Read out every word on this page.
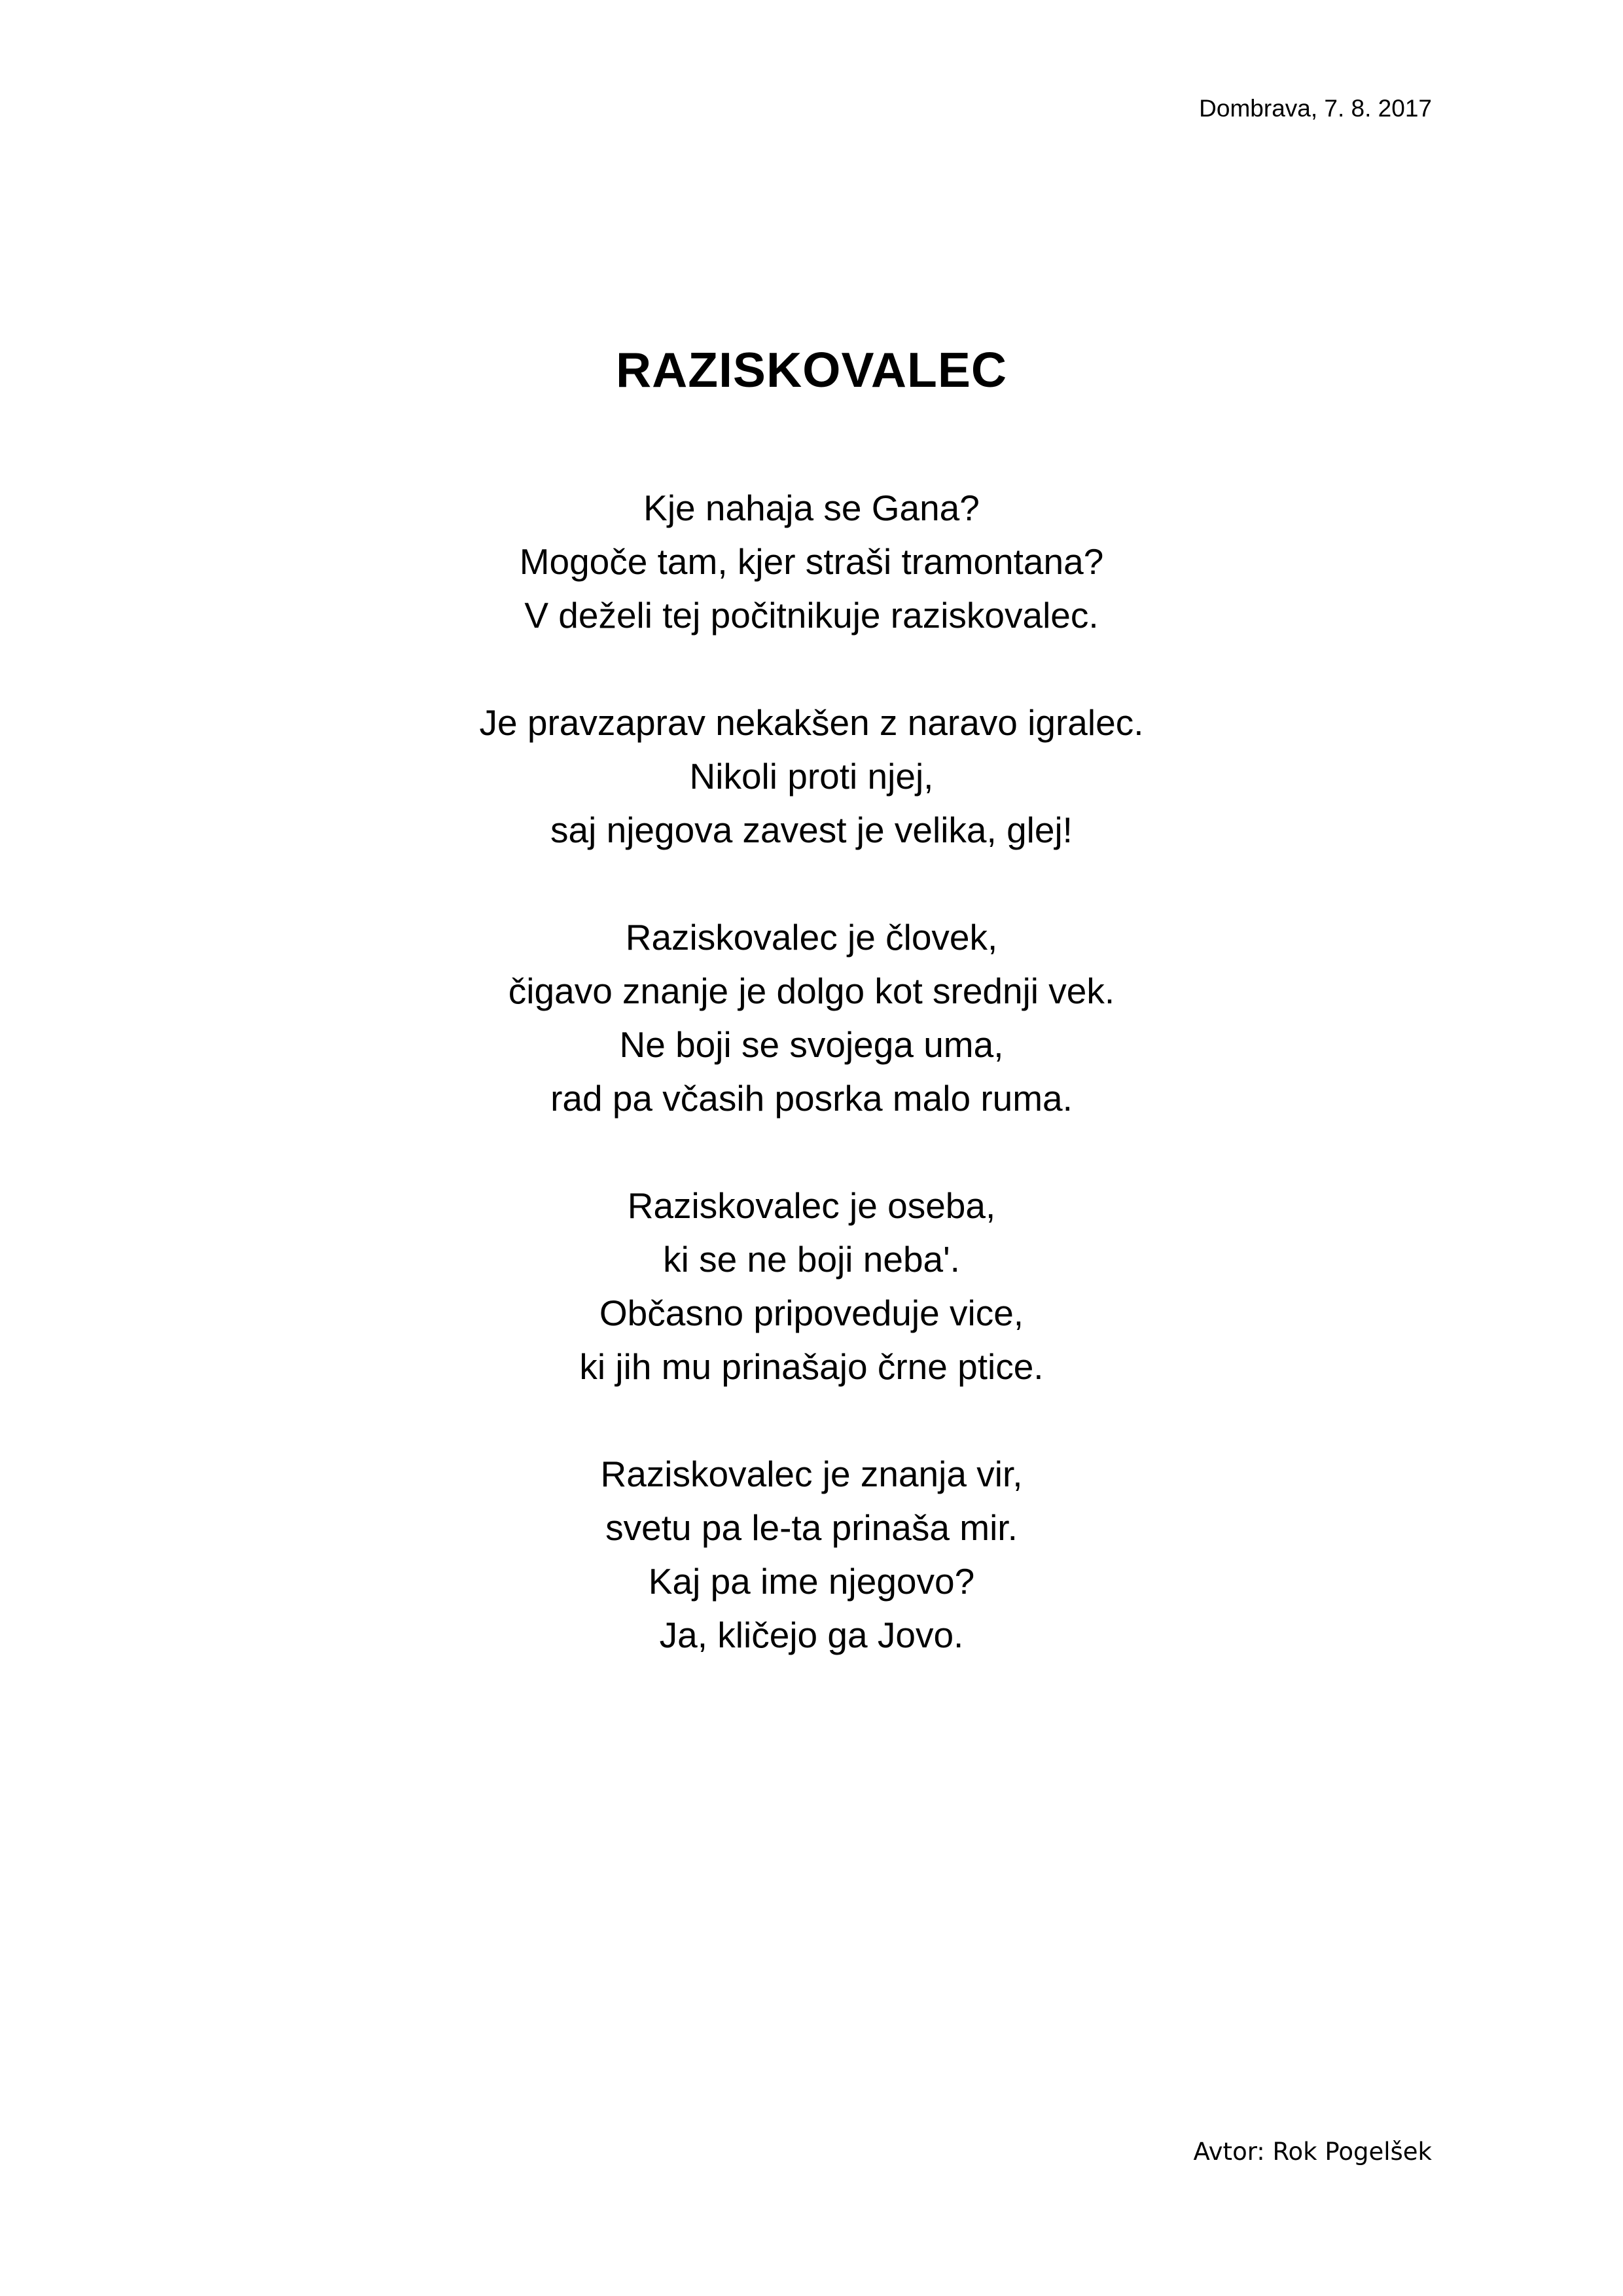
Dombrava, 7. 8. 2017
RAZISKOVALEC
Kje nahaja se Gana?
Mogoče tam, kjer straši tramontana?
V deželi tej počitnikuje raziskovalec.
Je pravzaprav nekakšen z naravo igralec.
Nikoli proti njej,
saj njegova zavest je velika, glej!
Raziskovalec je človek,
čigavo znanje je dolgo kot srednji vek.
Ne boji se svojega uma,
rad pa včasih posrka malo ruma.
Raziskovalec je oseba,
ki se ne boji neba'.
Občasno pripoveduje vice,
ki jih mu prinašajo črne ptice.
Raziskovalec je znanja vir,
svetu pa le-ta prinaša mir.
Kaj pa ime njegovo?
Ja, kličejo ga Jovo.
Avtor: Rok Pogelšek
